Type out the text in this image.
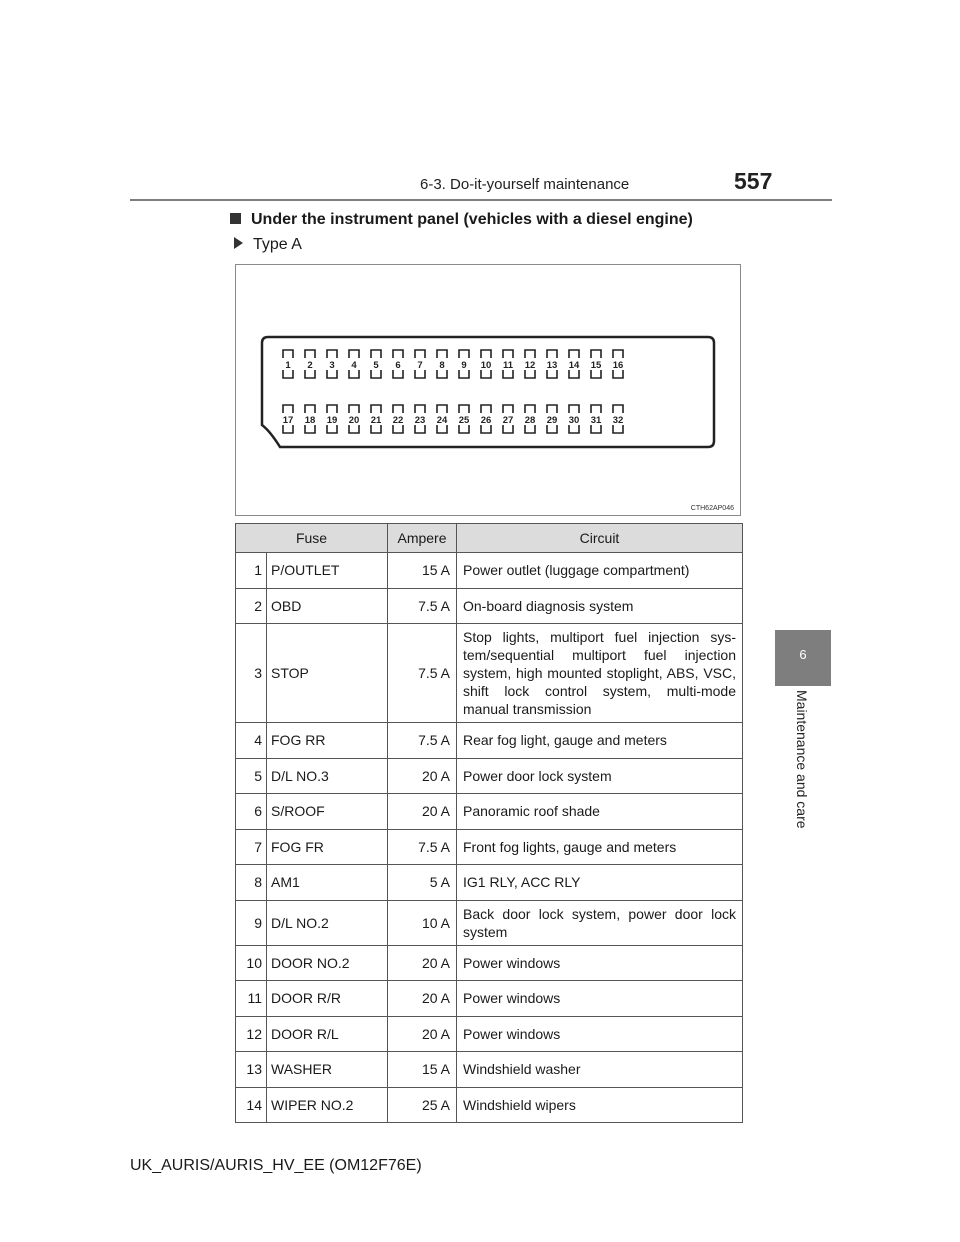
6-3. Do-it-yourself maintenance	557
Under the instrument panel (vehicles with a diesel engine)
Type A
1 2 3 4 5 6 7 8 9 10 11 12 13 14 15 16
17 18 19 20 21 22 23 24 25 26 27 28 29 30 31 32
CTH62AP046
Fuse		Ampere	Circuit
1	P/OUTLET	15 A	Power outlet (luggage compartment)
2	OBD	7.5 A	On-board diagnosis system
3	STOP	7.5 A	Stop lights, multiport fuel injection sys-tem/sequential multiport fuel injection system, high mounted stoplight, ABS, VSC, shift lock control system, multi-mode manual transmission
4	FOG RR	7.5 A	Rear fog light, gauge and meters
5	D/L NO.3	20 A	Power door lock system
6	S/ROOF	20 A	Panoramic roof shade
7	FOG FR	7.5 A	Front fog lights, gauge and meters
8	AM1	5 A	IG1 RLY, ACC RLY
9	D/L NO.2	10 A	Back door lock system, power door lock system
10	DOOR NO.2	20 A	Power windows
11	DOOR R/R	20 A	Power windows
12	DOOR R/L	20 A	Power windows
13	WASHER	15 A	Windshield washer
14	WIPER NO.2	25 A	Windshield wipers
6
Maintenance and care
UK_AURIS/AURIS_HV_EE (OM12F76E)
